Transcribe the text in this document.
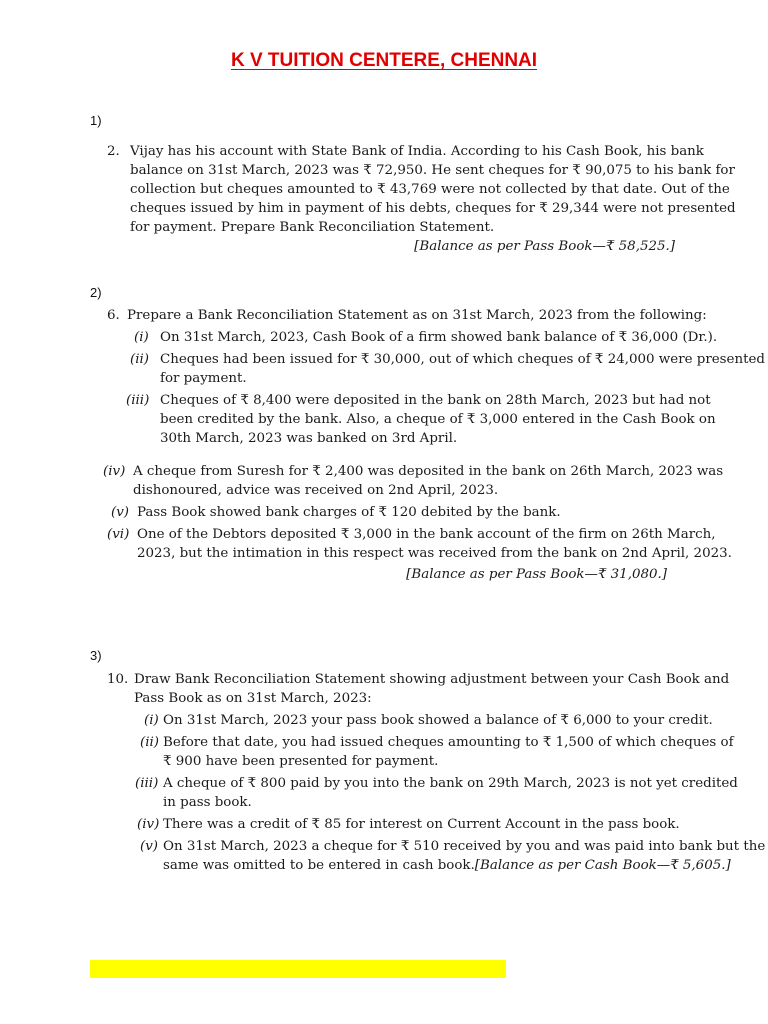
K V TUITION CENTERE, CHENNAI
1)
2. Vijay has his account with State Bank of India. According to his Cash Book, his bank
balance on 31st March, 2023 was ₹ 72,950. He sent cheques for ₹ 90,075 to his bank for
collection but cheques amounted to ₹ 43,769 were not collected by that date. Out of the
cheques issued by him in payment of his debts, cheques for ₹ 29,344 were not presented
for payment. Prepare Bank Reconciliation Statement.
[Balance as per Pass Book—₹ 58,525.]
2)
6. Prepare a Bank Reconciliation Statement as on 31st March, 2023 from the following:
(i) On 31st March, 2023, Cash Book of a firm showed bank balance of ₹ 36,000 (Dr.).
(ii) Cheques had been issued for ₹ 30,000, out of which cheques of ₹ 24,000 were presented
for payment.
(iii) Cheques of ₹ 8,400 were deposited in the bank on 28th March, 2023 but had not
been credited by the bank. Also, a cheque of ₹ 3,000 entered in the Cash Book on
30th March, 2023 was banked on 3rd April.
(iv) A cheque from Suresh for ₹ 2,400 was deposited in the bank on 26th March, 2023 was
dishonoured, advice was received on 2nd April, 2023.
(v) Pass Book showed bank charges of ₹ 120 debited by the bank.
(vi) One of the Debtors deposited ₹ 3,000 in the bank account of the firm on 26th March,
2023, but the intimation in this respect was received from the bank on 2nd April, 2023.
[Balance as per Pass Book—₹ 31,080.]
3)
10. Draw Bank Reconciliation Statement showing adjustment between your Cash Book and
Pass Book as on 31st March, 2023:
(i) On 31st March, 2023 your pass book showed a balance of ₹ 6,000 to your credit.
(ii) Before that date, you had issued cheques amounting to ₹ 1,500 of which cheques of
₹ 900 have been presented for payment.
(iii) A cheque of ₹ 800 paid by you into the bank on 29th March, 2023 is not yet credited
in pass book.
(iv) There was a credit of ₹ 85 for interest on Current Account in the pass book.
(v) On 31st March, 2023 a cheque for ₹ 510 received by you and was paid into bank but the
same was omitted to be entered in cash book. [Balance as per Cash Book—₹ 5,605.]
